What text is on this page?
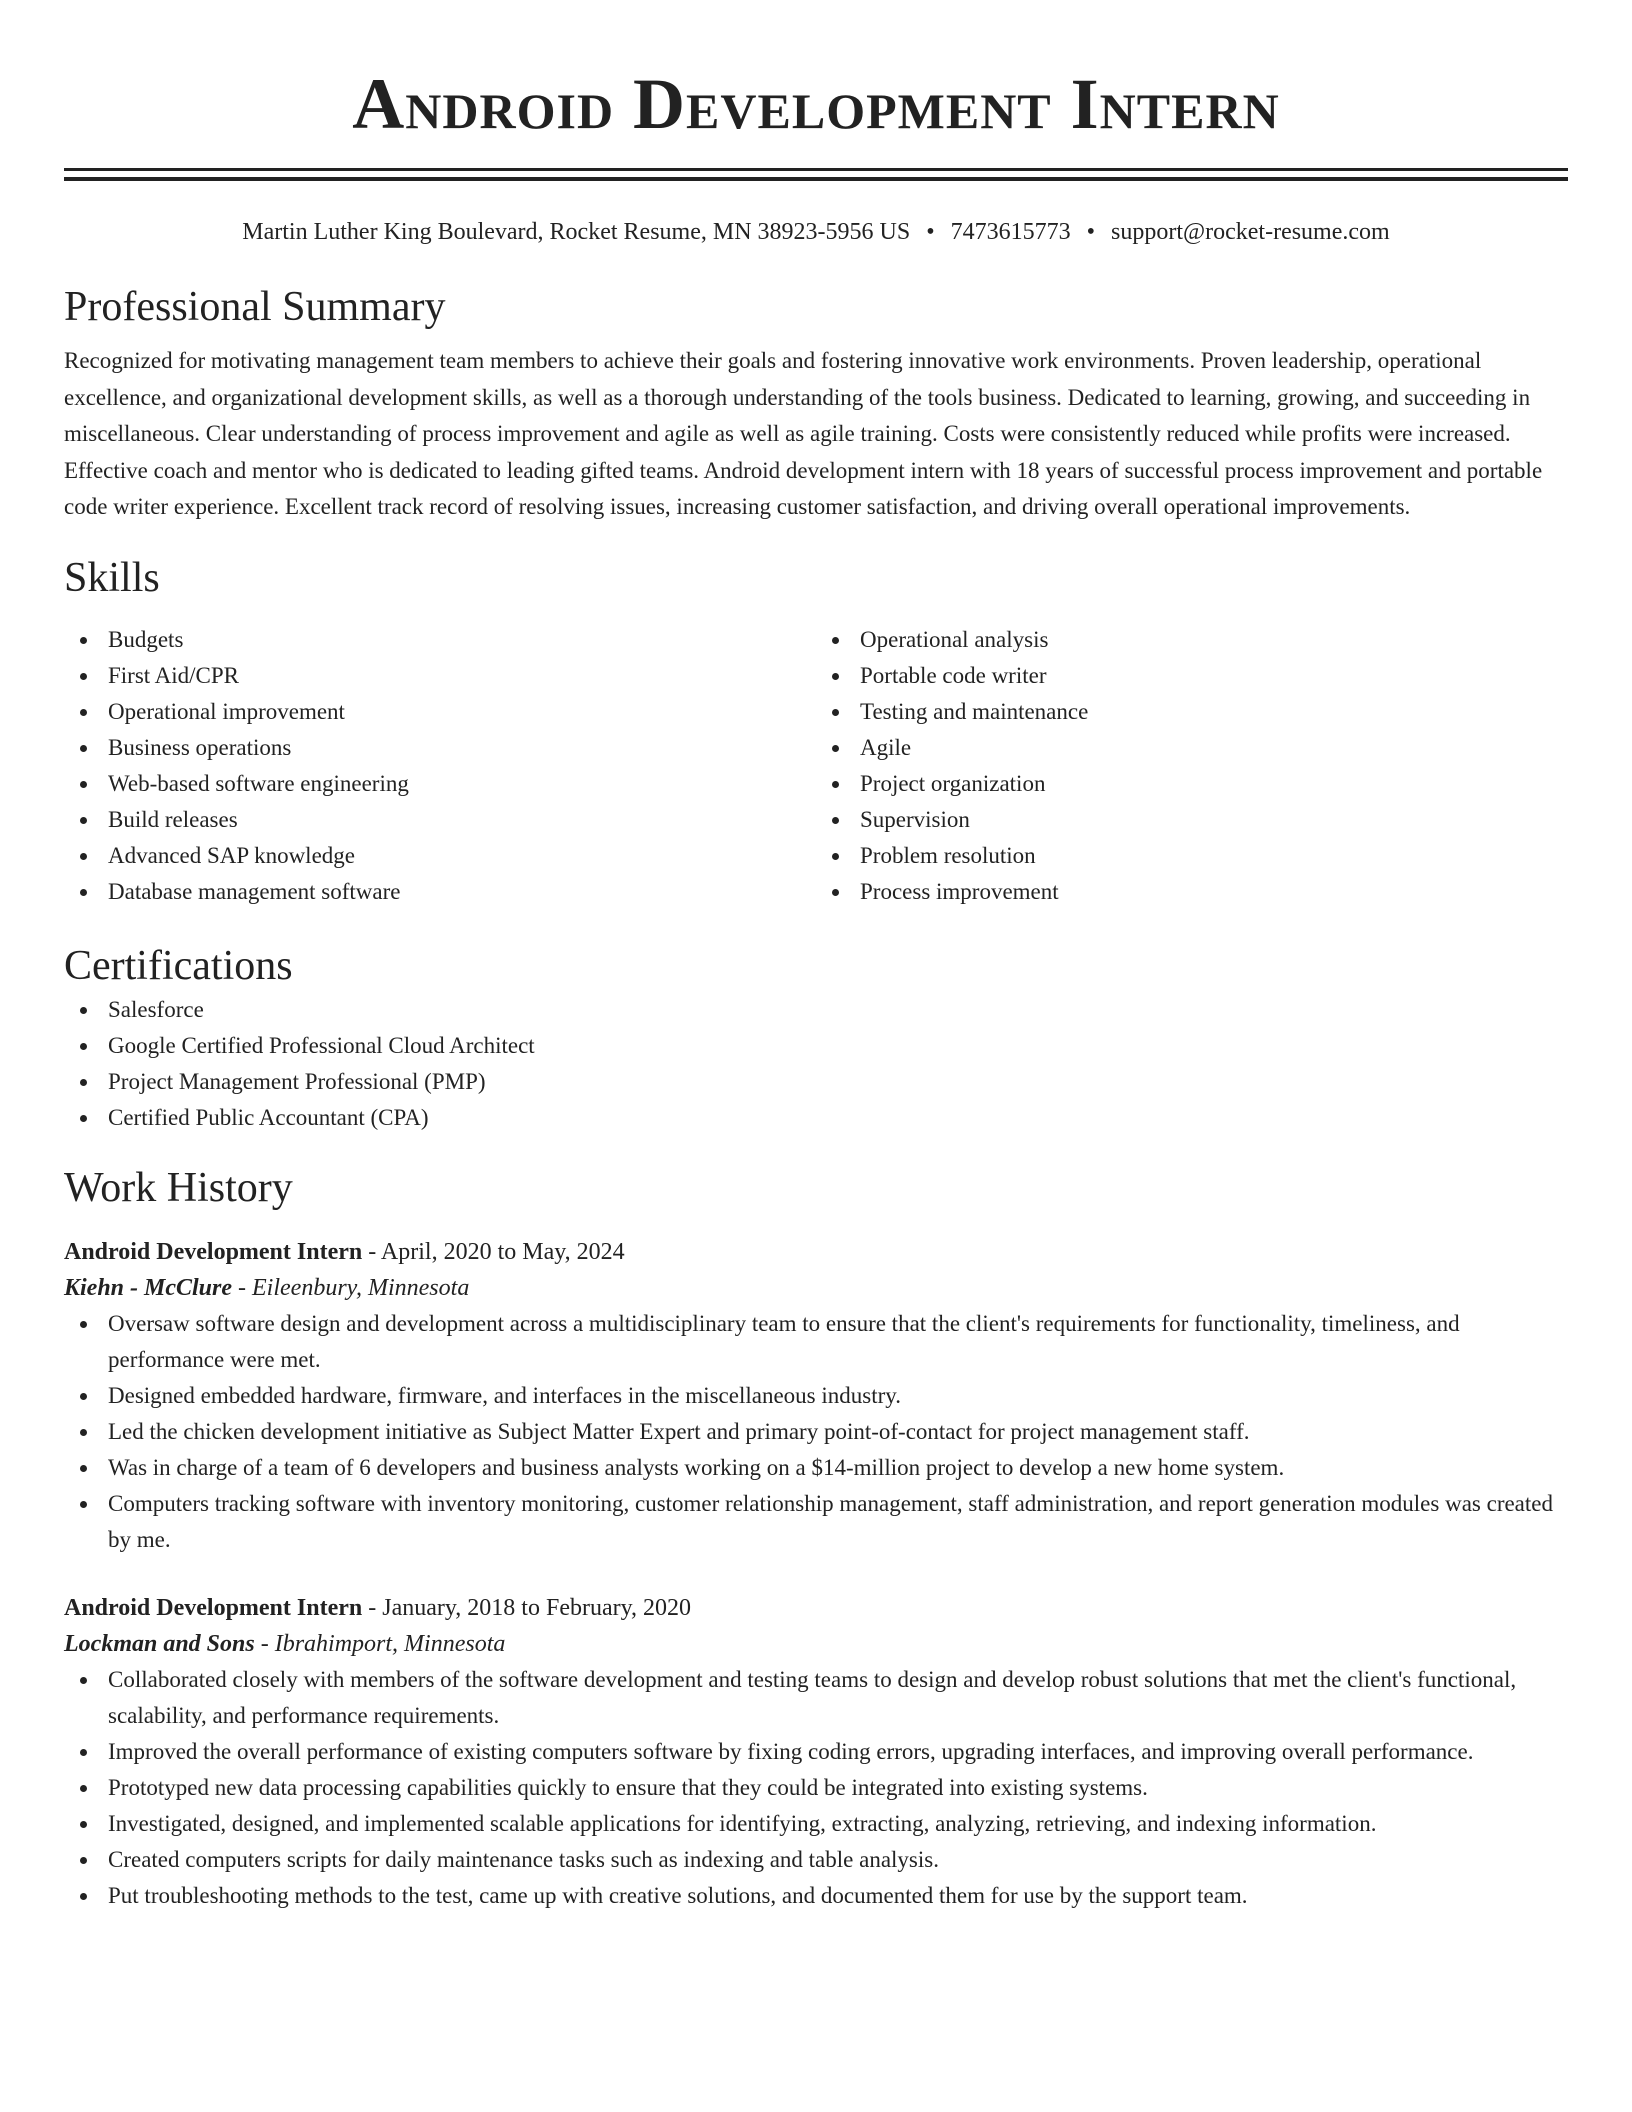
Android Development Intern
Martin Luther King Boulevard, Rocket Resume, MN 38923-5956 US • 7473615773 • support@rocket-resume.com
Professional Summary

Recognized for motivating management team members to achieve their goals and fostering innovative work environments. Proven leadership, operational excellence, and organizational development skills, as well as a thorough understanding of the tools business. Dedicated to learning, growing, and succeeding in miscellaneous. Clear understanding of process improvement and agile as well as agile training. Costs were consistently reduced while profits were increased. Effective coach and mentor who is dedicated to leading gifted teams. Android development intern with 18 years of successful process improvement and portable code writer experience. Excellent track record of resolving issues, increasing customer satisfaction, and driving overall operational improvements.

Skills
Budgets
First Aid/CPR
Operational improvement
Business operations
Web-based software engineering
Build releases
Advanced SAP knowledge
Database management software
Operational analysis
Portable code writer
Testing and maintenance
Agile
Project organization
Supervision
Problem resolution
Process improvement
Certifications
Salesforce
Google Certified Professional Cloud Architect
Project Management Professional (PMP)
Certified Public Accountant (CPA)
Work History
Android Development Intern - April, 2020 to May, 2024
Kiehn - McClure - Eileenbury, Minnesota
Oversaw software design and development across a multidisciplinary team to ensure that the client's requirements for functionality, timeliness, and performance were met.
Designed embedded hardware, firmware, and interfaces in the miscellaneous industry.
Led the chicken development initiative as Subject Matter Expert and primary point-of-contact for project management staff.
Was in charge of a team of 6 developers and business analysts working on a $14-million project to develop a new home system.
Computers tracking software with inventory monitoring, customer relationship management, staff administration, and report generation modules was created by me.
Android Development Intern - January, 2018 to February, 2020
Lockman and Sons - Ibrahimport, Minnesota
Collaborated closely with members of the software development and testing teams to design and develop robust solutions that met the client's functional, scalability, and performance requirements.
Improved the overall performance of existing computers software by fixing coding errors, upgrading interfaces, and improving overall performance.
Prototyped new data processing capabilities quickly to ensure that they could be integrated into existing systems.
Investigated, designed, and implemented scalable applications for identifying, extracting, analyzing, retrieving, and indexing information.
Created computers scripts for daily maintenance tasks such as indexing and table analysis.
Put troubleshooting methods to the test, came up with creative solutions, and documented them for use by the support team.
